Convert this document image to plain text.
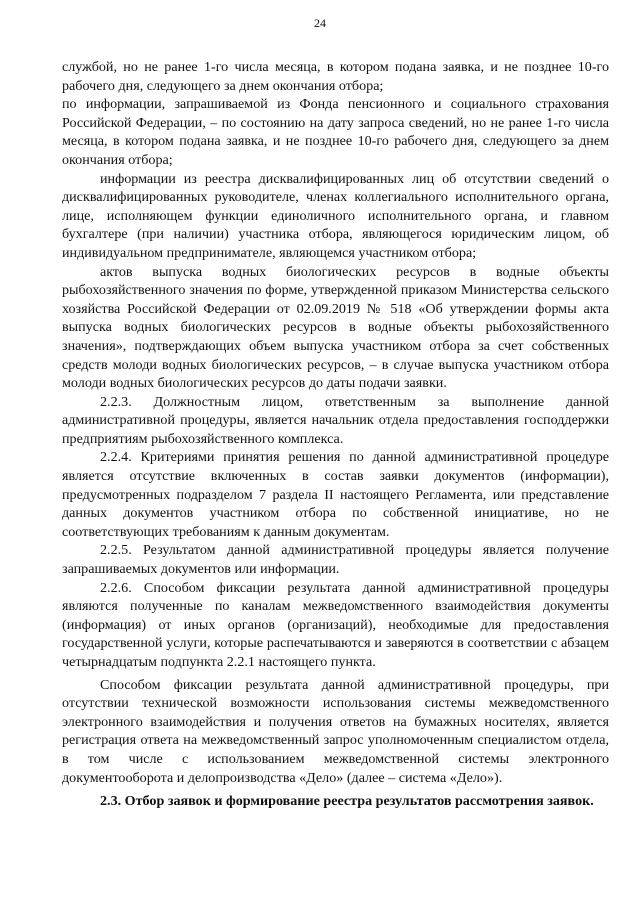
24

службой, но не ранее 1-го числа месяца, в котором подана заявка, и не позднее 10-го рабочего дня, следующего за днем окончания отбора;

по информации, запрашиваемой из Фонда пенсионного и социального страхования Российской Федерации, – по состоянию на дату запроса сведений, но не ранее 1-го числа месяца, в котором подана заявка, и не позднее 10-го рабочего дня, следующего за днем окончания отбора;

информации из реестра дисквалифицированных лиц об отсутствии сведений о дисквалифицированных руководителе, членах коллегиального исполнительного органа, лице, исполняющем функции единоличного исполнительного органа, и главном бухгалтере (при наличии) участника отбора, являющегося юридическим лицом, об индивидуальном предпринимателе, являющемся участником отбора;

актов выпуска водных биологических ресурсов в водные объекты рыбохозяйственного значения по форме, утвержденной приказом Министерства сельского хозяйства Российской Федерации от 02.09.2019 № 518 «Об утверждении формы акта выпуска водных биологических ресурсов в водные объекты рыбохозяйственного значения», подтверждающих объем выпуска участником отбора за счет собственных средств молоди водных биологических ресурсов, – в случае выпуска участником отбора молоди водных биологических ресурсов до даты подачи заявки.

2.2.3. Должностным лицом, ответственным за выполнение данной административной процедуры, является начальник отдела предоставления господдержки предприятиям рыбохозяйственного комплекса.

2.2.4. Критериями принятия решения по данной административной процедуре является отсутствие включенных в состав заявки документов (информации), предусмотренных подразделом 7 раздела II настоящего Регламента, или представление данных документов участником отбора по собственной инициативе, но не соответствующих требованиям к данным документам.

2.2.5. Результатом данной административной процедуры является получение запрашиваемых документов или информации.

2.2.6. Способом фиксации результата данной административной процедуры являются полученные по каналам межведомственного взаимодействия документы (информация) от иных органов (организаций), необходимые для предоставления государственной услуги, которые распечатываются и заверяются в соответствии с абзацем четырнадцатым подпункта 2.2.1 настоящего пункта.

Способом фиксации результата данной административной процедуры, при отсутствии технической возможности использования системы межведомственного электронного взаимодействия и получения ответов на бумажных носителях, является регистрация ответа на межведомственный запрос уполномоченным специалистом отдела, в том числе с использованием межведомственной системы электронного документооборота и делопроизводства «Дело» (далее – система «Дело»).

2.3. Отбор заявок и формирование реестра результатов рассмотрения заявок.
